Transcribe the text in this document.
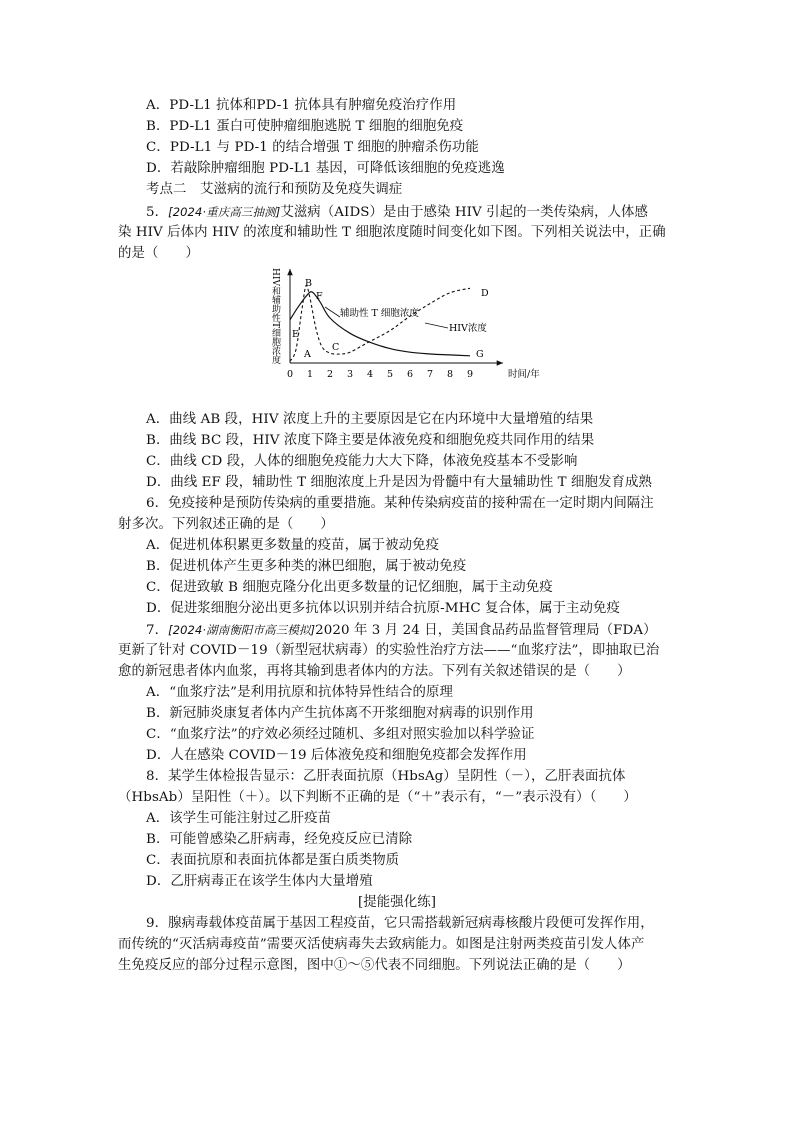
A．PD-L1 抗体和PD-1 抗体具有肿瘤免疫治疗作用
B．PD-L1 蛋白可使肿瘤细胞逃脱 T 细胞的细胞免疫
C．PD-L1 与 PD-1 的结合增强 T 细胞的肿瘤杀伤功能
D．若敲除肿瘤细胞 PD-L1 基因，可降低该细胞的免疫逃逸
考点二　艾滋病的流行和预防及免疫失调症
5．[2024·重庆高三抽测]艾滋病（AIDS）是由于感染 HIV 引起的一类传染病，人体感
染 HIV 后体内 HIV 的浓度和辅助性 T 细胞浓度随时间变化如下图。下列相关说法中，正确
的是（　　）
HIV和辅助性T细胞浓度
时间/年
0 1 2 3 4 5 6 7 8 9
辅助性 T 细胞浓度
HIV浓度
A
B
C
D
E
F
G
A．曲线 AB 段，HIV 浓度上升的主要原因是它在内环境中大量增殖的结果
B．曲线 BC 段，HIV 浓度下降主要是体液免疫和细胞免疫共同作用的结果
C．曲线 CD 段，人体的细胞免疫能力大大下降，体液免疫基本不受影响
D．曲线 EF 段，辅助性 T 细胞浓度上升是因为骨髓中有大量辅助性 T 细胞发育成熟
6．免疫接种是预防传染病的重要措施。某种传染病疫苗的接种需在一定时期内间隔注
射多次。下列叙述正确的是（　　）
A．促进机体积累更多数量的疫苗，属于被动免疫
B．促进机体产生更多种类的淋巴细胞，属于被动免疫
C．促进致敏 B 细胞克隆分化出更多数量的记忆细胞，属于主动免疫
D．促进浆细胞分泌出更多抗体以识别并结合抗原-MHC 复合体，属于主动免疫
7．[2024·湖南衡阳市高三模拟]2020 年 3 月 24 日，美国食品药品监督管理局（FDA）
更新了针对 COVID－19（新型冠状病毒）的实验性治疗方法——“血浆疗法”，即抽取已治
愈的新冠患者体内血浆，再将其输到患者体内的方法。下列有关叙述错误的是（　　）
A．“血浆疗法”是利用抗原和抗体特异性结合的原理
B．新冠肺炎康复者体内产生抗体离不开浆细胞对病毒的识别作用
C．“血浆疗法”的疗效必须经过随机、多组对照实验加以科学验证
D．人在感染 COVID－19 后体液免疫和细胞免疫都会发挥作用
8．某学生体检报告显示：乙肝表面抗原（HbsAg）呈阴性（－），乙肝表面抗体
（HbsAb）呈阳性（＋）。以下判断不正确的是（“＋”表示有，“－”表示没有）（　　）
A．该学生可能注射过乙肝疫苗
B．可能曾感染乙肝病毒，经免疫反应已清除
C．表面抗原和表面抗体都是蛋白质类物质
D．乙肝病毒正在该学生体内大量增殖
[提能强化练]
9．腺病毒载体疫苗属于基因工程疫苗，它只需搭载新冠病毒核酸片段便可发挥作用，
而传统的“灭活病毒疫苗”需要灭活使病毒失去致病能力。如图是注射两类疫苗引发人体产
生免疫反应的部分过程示意图，图中①～⑤代表不同细胞。下列说法正确的是（　　）
